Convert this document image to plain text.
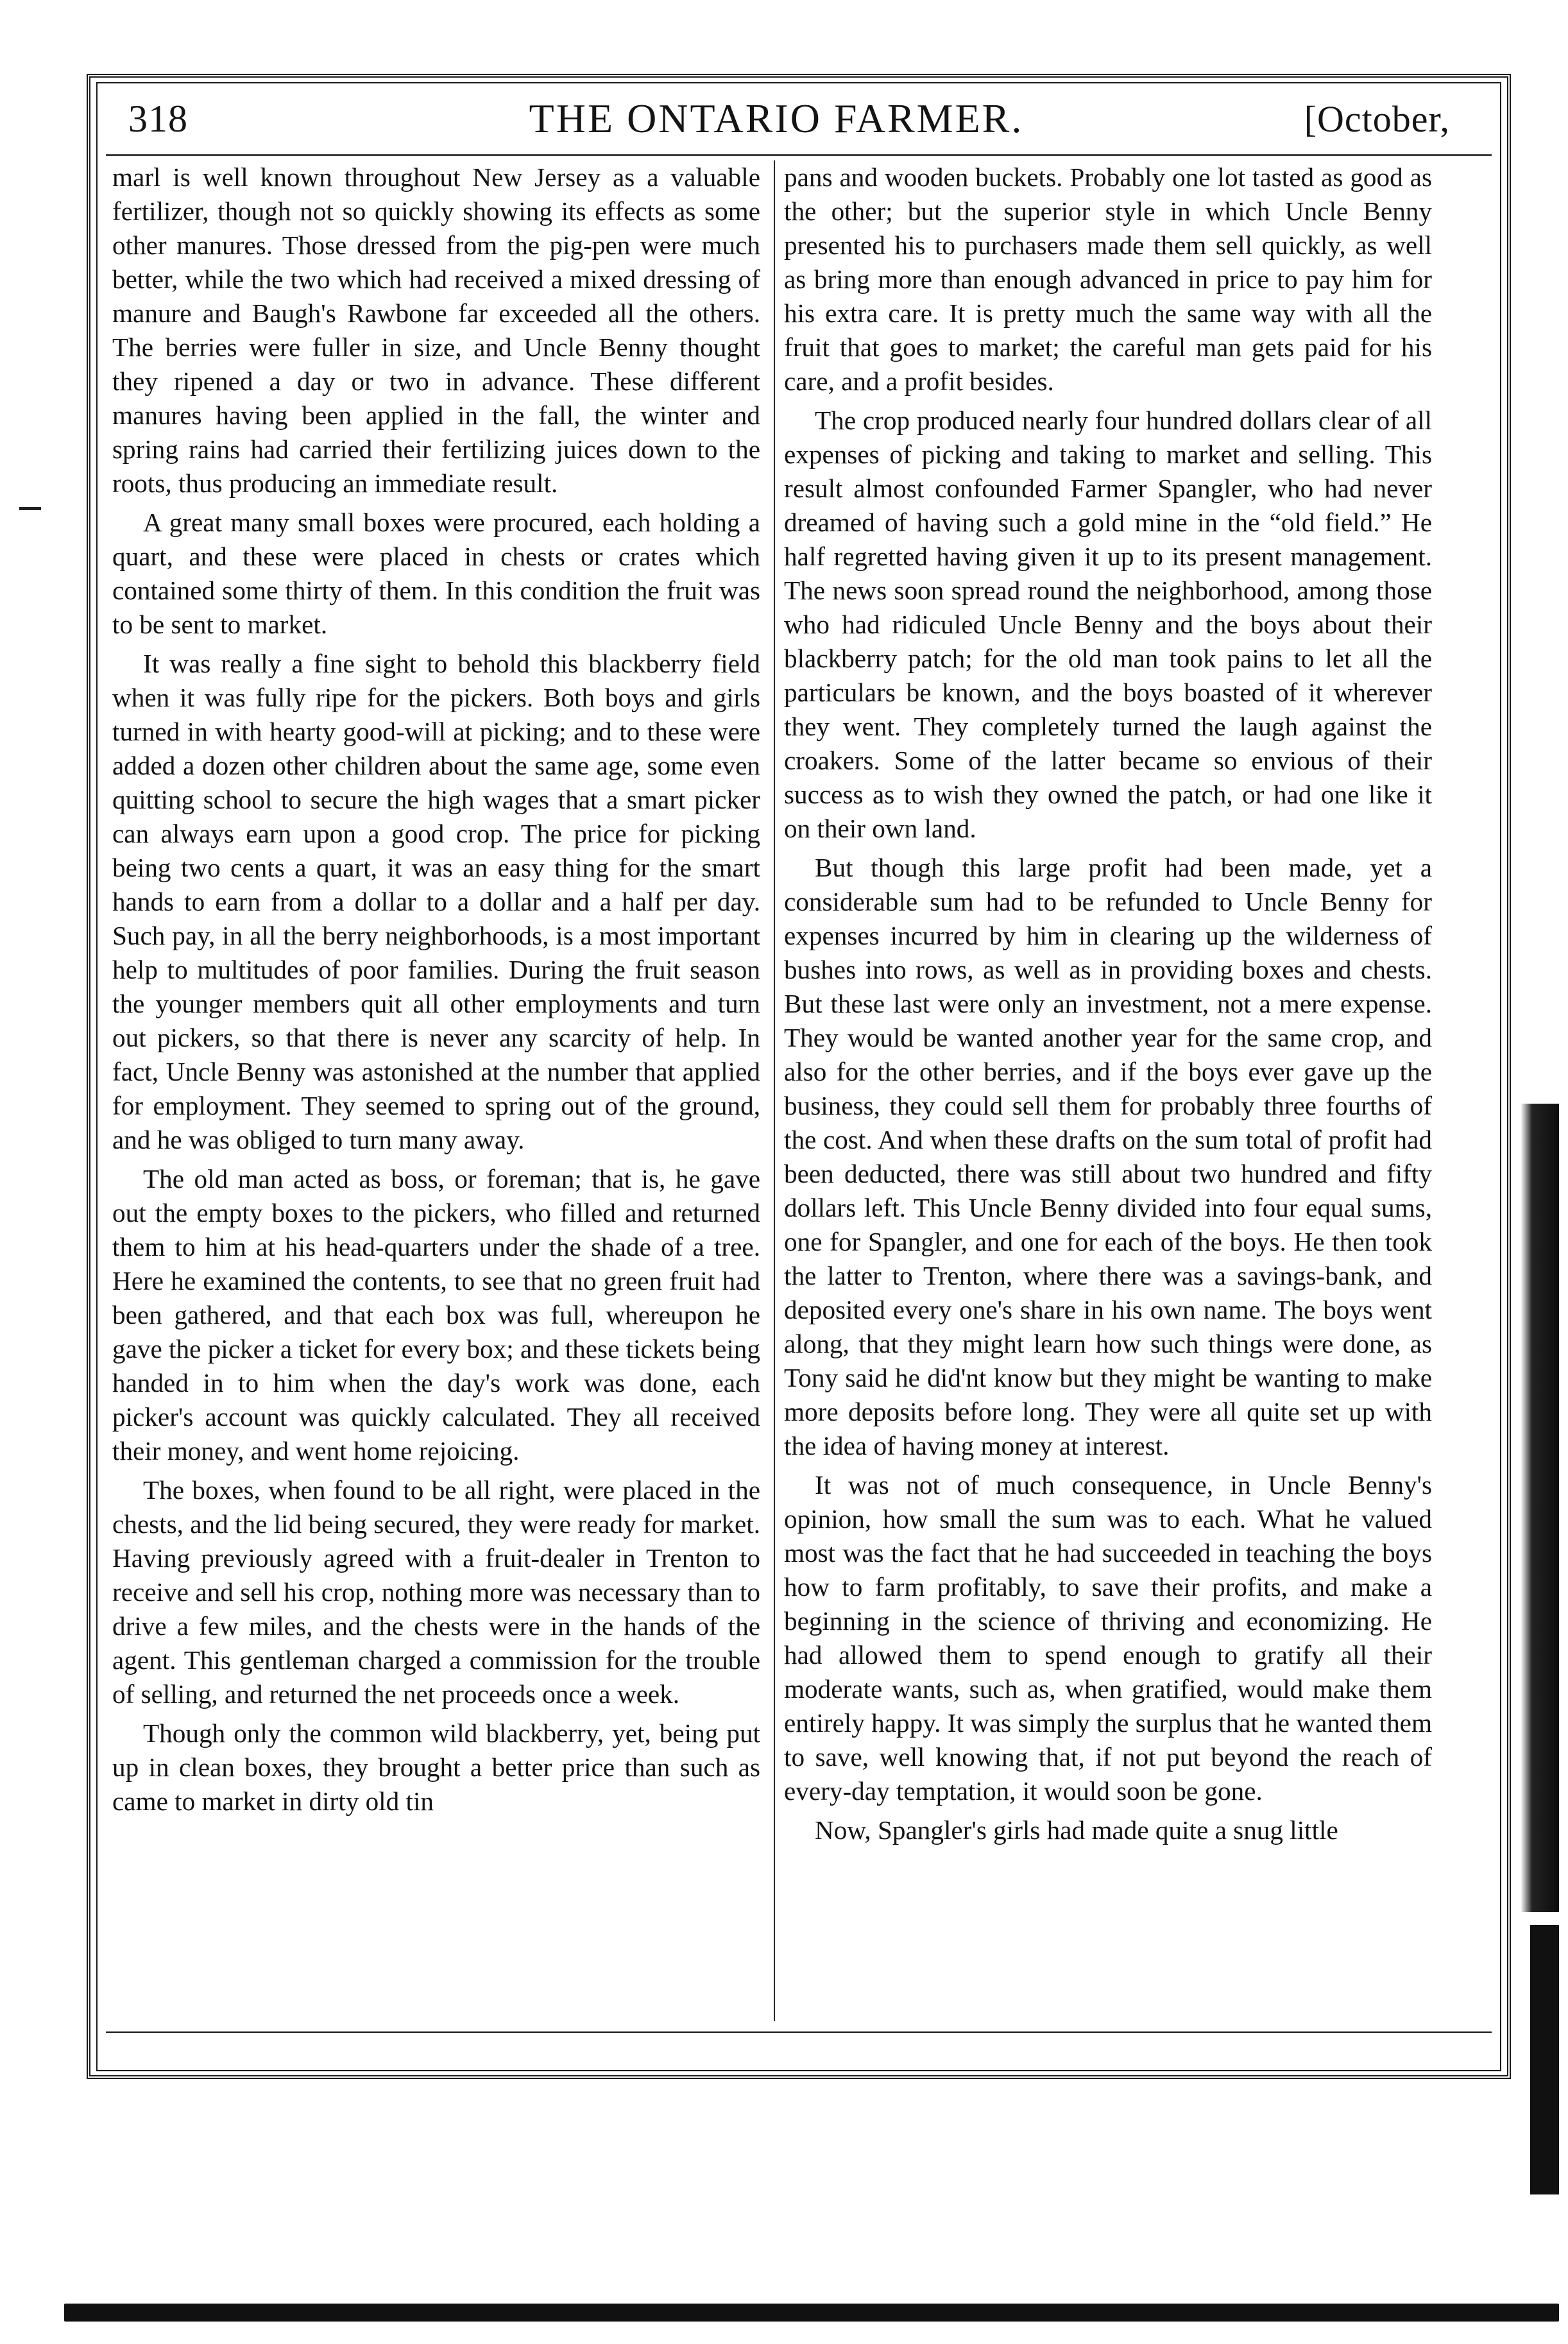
318	THE ONTARIO FARMER.	[October,

marl is well known throughout New Jersey as a valuable fertilizer, though not so quickly showing its effects as some other manures. Those dressed from the pig-pen were much better, while the two which had received a mixed dressing of manure and Baugh's Rawbone far exceeded all the others. The berries were fuller in size, and Uncle Benny thought they ripened a day or two in advance. These different manures having been applied in the fall, the winter and spring rains had carried their fertilizing juices down to the roots, thus producing an immediate result.

A great many small boxes were procured, each holding a quart, and these were placed in chests or crates which contained some thirty of them. In this condition the fruit was to be sent to market.

It was really a fine sight to behold this blackberry field when it was fully ripe for the pickers. Both boys and girls turned in with hearty good-will at picking; and to these were added a dozen other children about the same age, some even quitting school to secure the high wages that a smart picker can always earn upon a good crop. The price for picking being two cents a quart, it was an easy thing for the smart hands to earn from a dollar to a dollar and a half per day. Such pay, in all the berry neighborhoods, is a most important help to multitudes of poor families. During the fruit season the younger members quit all other employments and turn out pickers, so that there is never any scarcity of help. In fact, Uncle Benny was astonished at the number that applied for employment. They seemed to spring out of the ground, and he was obliged to turn many away.

The old man acted as boss, or foreman; that is, he gave out the empty boxes to the pickers, who filled and returned them to him at his head-quarters under the shade of a tree. Here he examined the contents, to see that no green fruit had been gathered, and that each box was full, whereupon he gave the picker a ticket for every box; and these tickets being handed in to him when the day's work was done, each picker's account was quickly calculated. They all received their money, and went home rejoicing.

The boxes, when found to be all right, were placed in the chests, and the lid being secured, they were ready for market. Having previously agreed with a fruit-dealer in Trenton to receive and sell his crop, nothing more was necessary than to drive a few miles, and the chests were in the hands of the agent. This gentleman charged a commission for the trouble of selling, and returned the net proceeds once a week.

Though only the common wild blackberry, yet, being put up in clean boxes, they brought a better price than such as came to market in dirty old tin

pans and wooden buckets. Probably one lot tasted as good as the other; but the superior style in which Uncle Benny presented his to purchasers made them sell quickly, as well as bring more than enough advanced in price to pay him for his extra care. It is pretty much the same way with all the fruit that goes to market; the careful man gets paid for his care, and a profit besides.

The crop produced nearly four hundred dollars clear of all expenses of picking and taking to market and selling. This result almost confounded Farmer Spangler, who had never dreamed of having such a gold mine in the “old field.” He half regretted having given it up to its present management. The news soon spread round the neighborhood, among those who had ridiculed Uncle Benny and the boys about their blackberry patch; for the old man took pains to let all the particulars be known, and the boys boasted of it wherever they went. They completely turned the laugh against the croakers. Some of the latter became so envious of their success as to wish they owned the patch, or had one like it on their own land.

But though this large profit had been made, yet a considerable sum had to be refunded to Uncle Benny for expenses incurred by him in clearing up the wilderness of bushes into rows, as well as in providing boxes and chests. But these last were only an investment, not a mere expense. They would be wanted another year for the same crop, and also for the other berries, and if the boys ever gave up the business, they could sell them for probably three fourths of the cost. And when these drafts on the sum total of profit had been deducted, there was still about two hundred and fifty dollars left. This Uncle Benny divided into four equal sums, one for Spangler, and one for each of the boys. He then took the latter to Trenton, where there was a savings-bank, and deposited every one's share in his own name. The boys went along, that they might learn how such things were done, as Tony said he did'nt know but they might be wanting to make more deposits before long. They were all quite set up with the idea of having money at interest.

It was not of much consequence, in Uncle Benny's opinion, how small the sum was to each. What he valued most was the fact that he had succeeded in teaching the boys how to farm profitably, to save their profits, and make a beginning in the science of thriving and economizing. He had allowed them to spend enough to gratify all their moderate wants, such as, when gratified, would make them entirely happy. It was simply the surplus that he wanted them to save, well knowing that, if not put beyond the reach of every-day temptation, it would soon be gone.

Now, Spangler's girls had made quite a snug little
